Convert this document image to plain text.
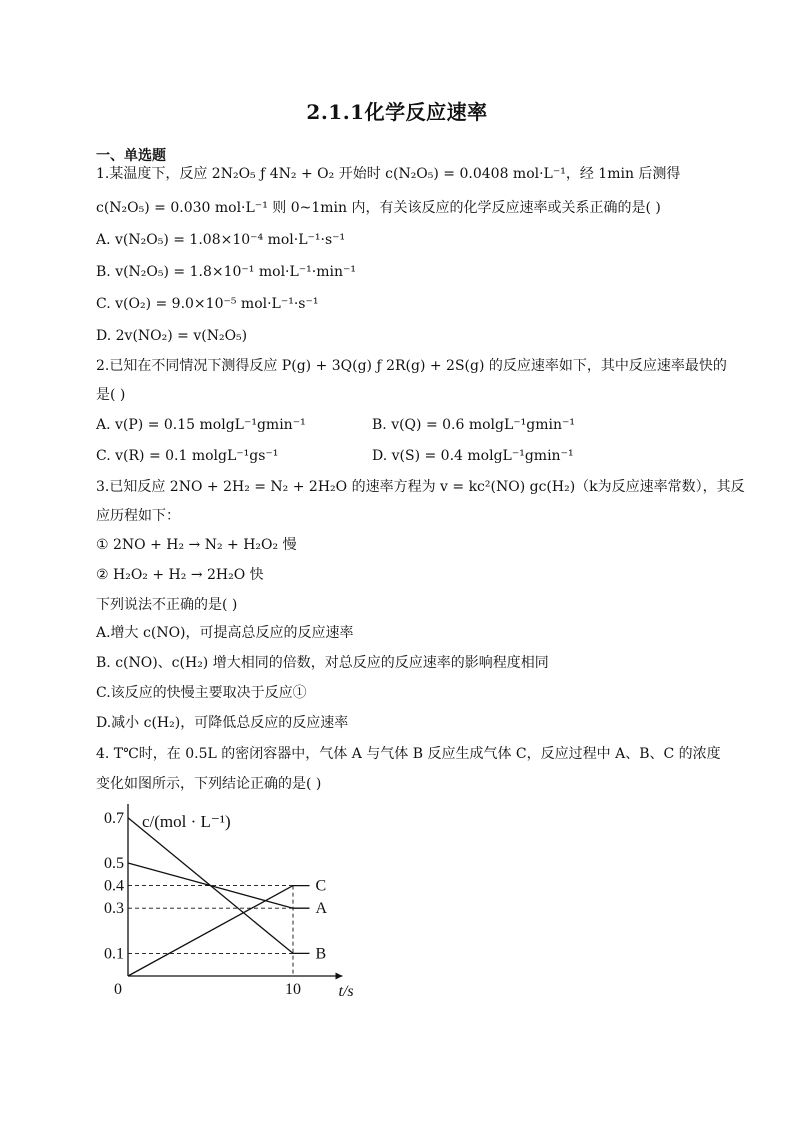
2.1.1化学反应速率
一、单选题
1.某温度下，反应 2N₂O₅ ƒ 4N₂ + O₂ 开始时 c(N₂O₅) = 0.0408 mol·L⁻¹，经 1min 后测得
c(N₂O₅) = 0.030 mol·L⁻¹ 则 0~1min 内，有关该反应的化学反应速率或关系正确的是( )
A. v(N₂O₅) = 1.08×10⁻⁴ mol·L⁻¹·s⁻¹
B. v(N₂O₅) = 1.8×10⁻¹ mol·L⁻¹·min⁻¹
C. v(O₂) = 9.0×10⁻⁵ mol·L⁻¹·s⁻¹
D. 2v(NO₂) = v(N₂O₅)
2.已知在不同情况下测得反应 P(g) + 3Q(g) ƒ 2R(g) + 2S(g) 的反应速率如下，其中反应速率最快的
是( )
A. v(P) = 0.15 molgL⁻¹gmin⁻¹	B. v(Q) = 0.6 molgL⁻¹gmin⁻¹
C. v(R) = 0.1 molgL⁻¹gs⁻¹	D. v(S) = 0.4 molgL⁻¹gmin⁻¹
3.已知反应 2NO + 2H₂ = N₂ + 2H₂O 的速率方程为 v = kc²(NO) gc(H₂)（k为反应速率常数），其反
应历程如下：
① 2NO + H₂ → N₂ + H₂O₂ 慢
② H₂O₂ + H₂ → 2H₂O 快
下列说法不正确的是( )
A.增大 c(NO)，可提高总反应的反应速率
B. c(NO)、c(H₂) 增大相同的倍数，对总反应的反应速率的影响程度相同
C.该反应的快慢主要取决于反应①
D.减小 c(H₂)，可降低总反应的反应速率
4. T℃时，在 0.5L 的密闭容器中，气体 A 与气体 B 反应生成气体 C，反应过程中 A、B、C 的浓度
变化如图所示，下列结论正确的是( )
c/(mol · L⁻¹)
t/s
0	10
0.1
0.3
0.4
0.5
0.7
A
B
C
